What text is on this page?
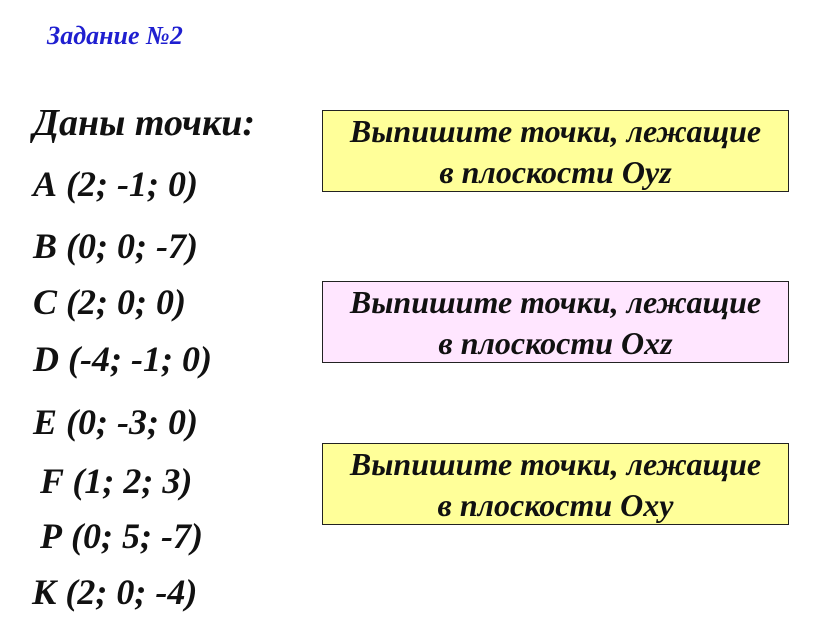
Задание №2
Даны точки:
А (2; -1; 0)
В (0; 0; -7)
С (2; 0; 0)
D (-4; -1; 0)
Е (0; -3; 0)
F (1; 2; 3)
Р (0; 5; -7)
К (2; 0; -4)
Выпишите точки, лежащие
в плоскости Oyz
Выпишите точки, лежащие
в плоскости Oxz
Выпишите точки, лежащие
в плоскости Oxy
